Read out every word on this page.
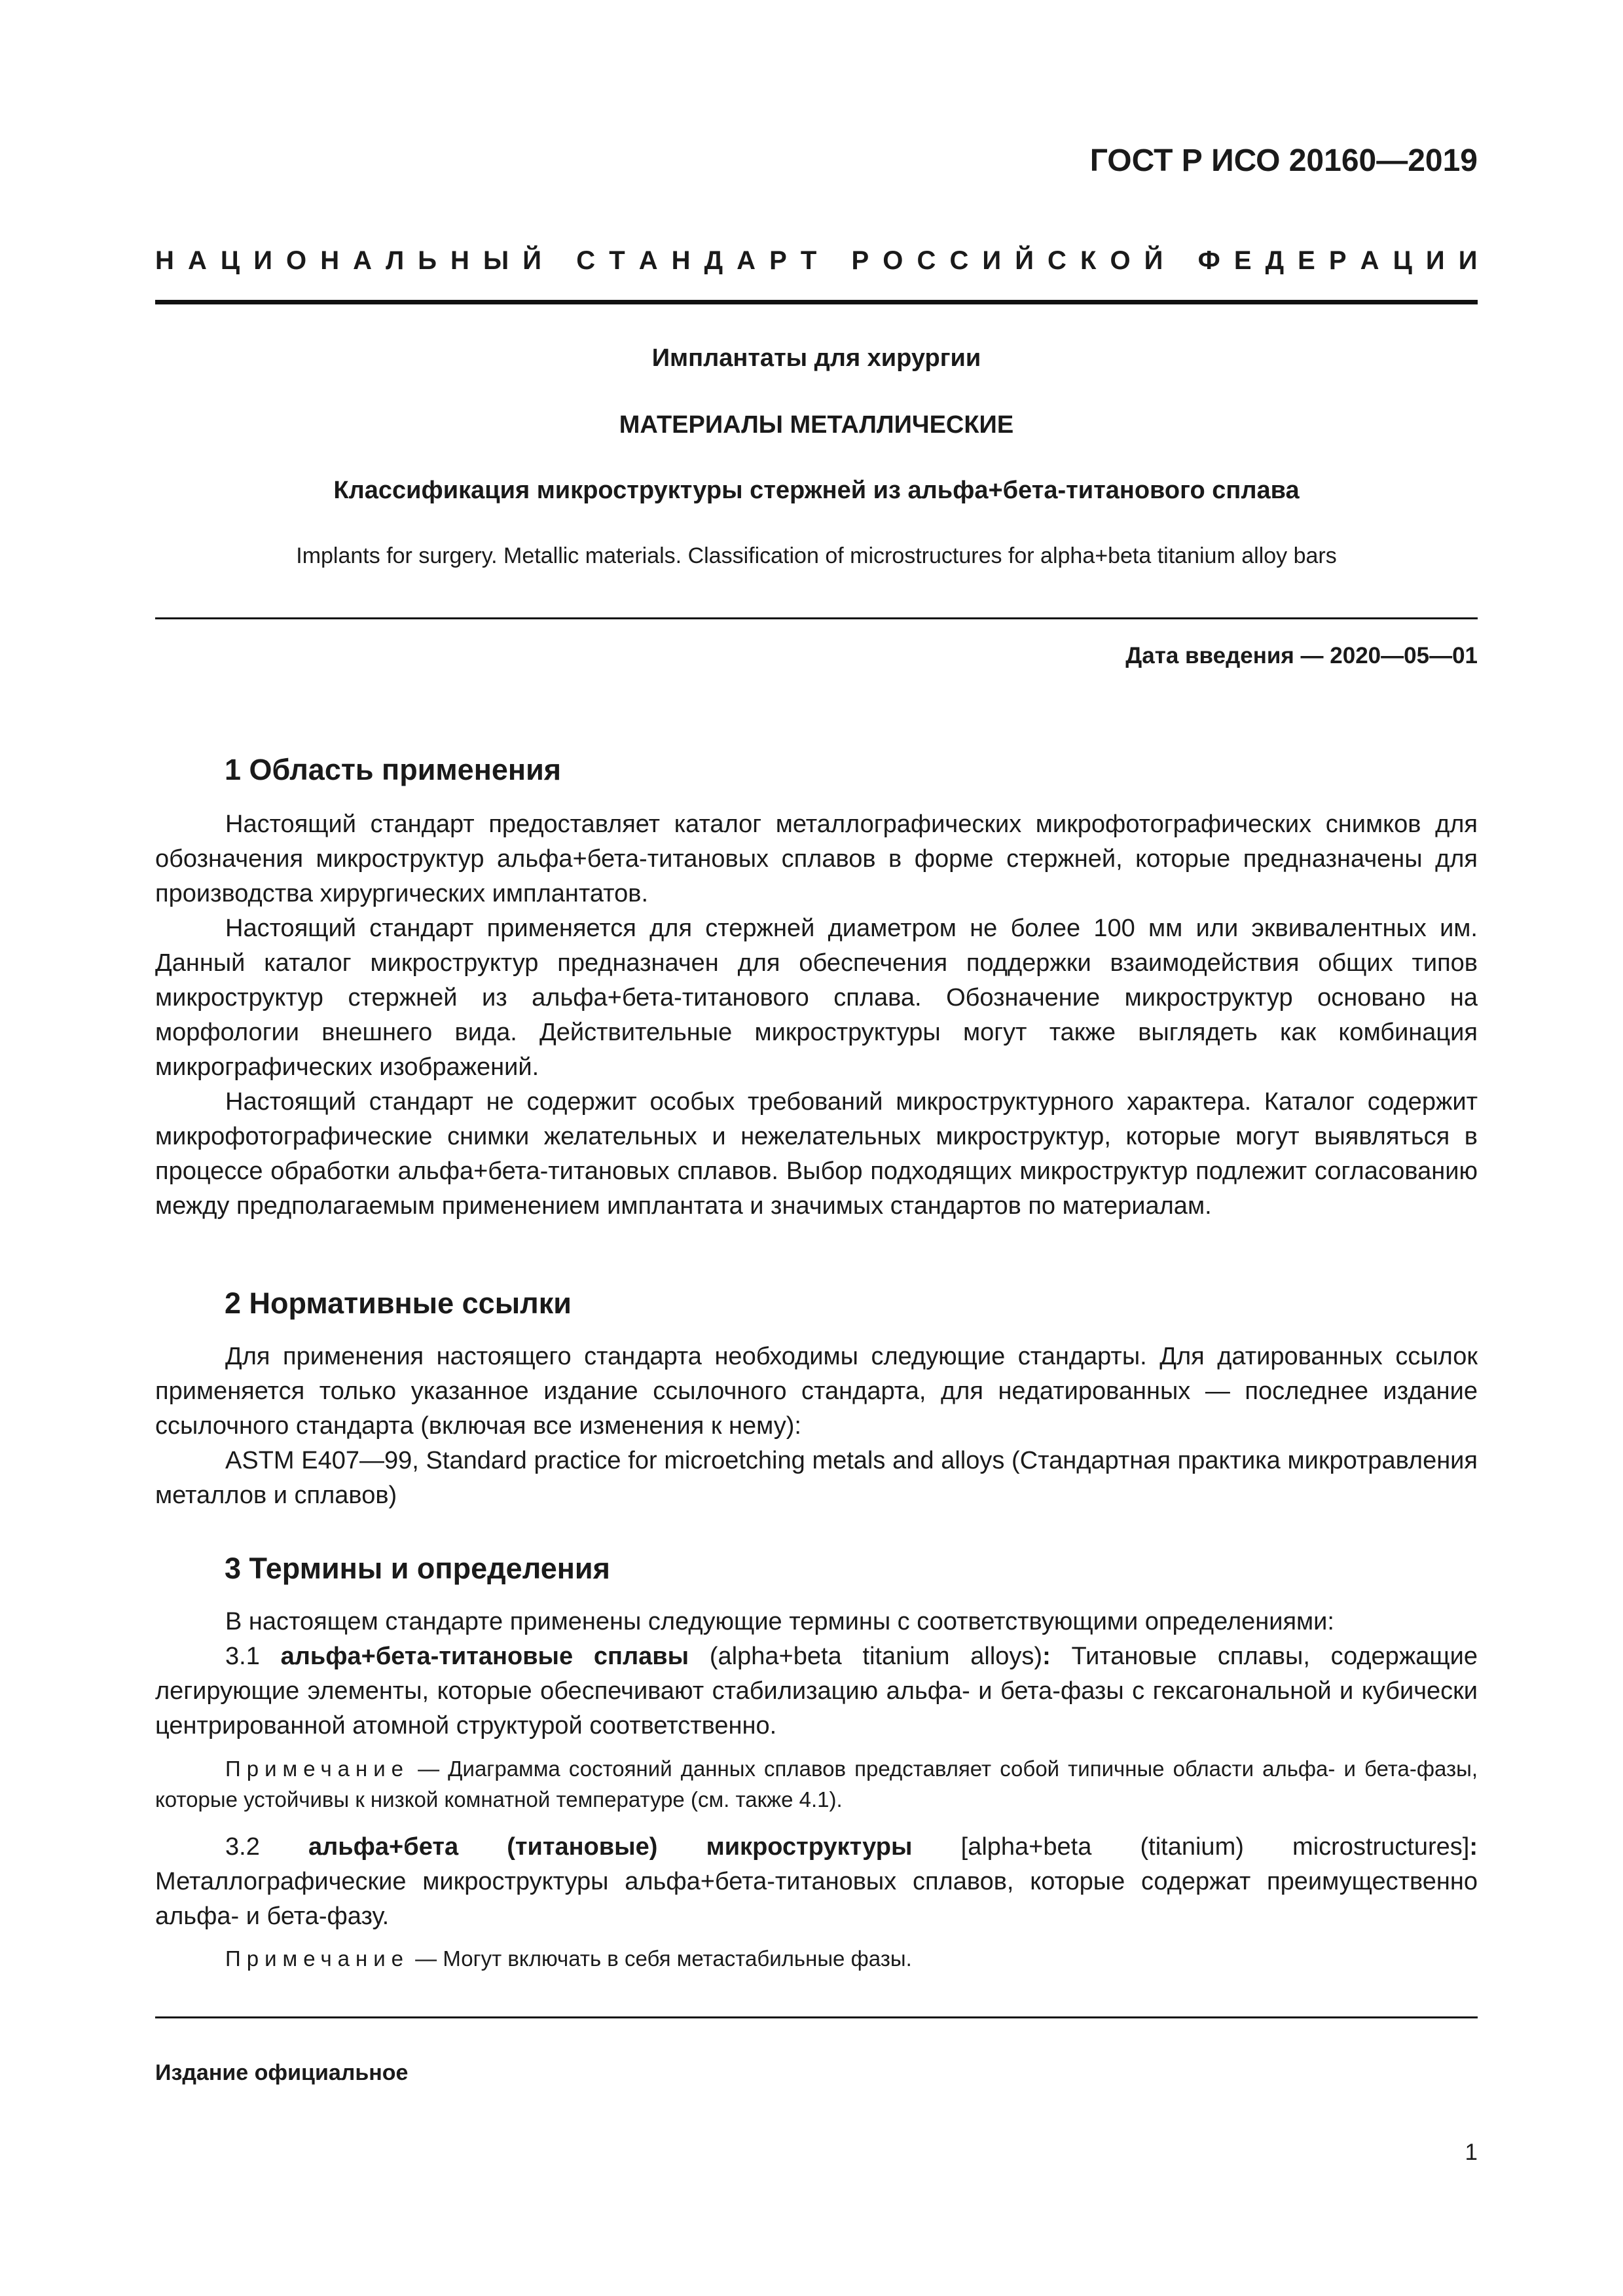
ГОСТ Р ИСО 20160—2019
Н А Ц И О Н А Л Ь Н Ы Й
С Т А Н Д А Р Т
Р О С С И Й С К О Й
Ф Е Д Е Р А Ц И И
Имплантаты для хирургии
МАТЕРИАЛЫ МЕТАЛЛИЧЕСКИЕ
Классификация микроструктуры стержней из альфа+бета-титанового сплава
Implants for surgery. Metallic materials. Classification of microstructures for alpha+beta titanium alloy bars
Дата введения — 2020—05—01
1 Область применения
Настоящий стандарт предоставляет каталог металлографических микрофотографических снимков для обозначения микроструктур альфа+бета-титановых сплавов в форме стержней, которые предназначены для производства хирургических имплантатов.
Настоящий стандарт применяется для стержней диаметром не более 100 мм или эквивалентных им. Данный каталог микроструктур предназначен для обеспечения поддержки взаимодействия общих типов микроструктур стержней из альфа+бета-титанового сплава. Обозначение микроструктур основано на морфологии внешнего вида. Действительные микроструктуры могут также выглядеть как комбинация микрографических изображений.
Настоящий стандарт не содержит особых требований микроструктурного характера. Каталог содержит микрофотографические снимки желательных и нежелательных микроструктур, которые могут выявляться в процессе обработки альфа+бета-титановых сплавов. Выбор подходящих микроструктур подлежит согласованию между предполагаемым применением имплантата и значимых стандартов по материалам.
2 Нормативные ссылки
Для применения настоящего стандарта необходимы следующие стандарты. Для датированных ссылок применяется только указанное издание ссылочного стандарта, для недатированных — последнее издание ссылочного стандарта (включая все изменения к нему):
ASTM E407—99, Standard practice for microetching metals and alloys (Стандартная практика микротравления металлов и сплавов)
3 Термины и определения
В настоящем стандарте применены следующие термины с соответствующими определениями:
3.1 альфа+бета-титановые сплавы (alpha+beta titanium alloys): Титановые сплавы, содержащие легирующие элементы, которые обеспечивают стабилизацию альфа- и бета-фазы с гексагональной и кубически центрированной атомной структурой соответственно.
Примечание — Диаграмма состояний данных сплавов представляет собой типичные области альфа- и бета-фазы, которые устойчивы к низкой комнатной температуре (см. также 4.1).
3.2 альфа+бета (титановые) микроструктуры [alpha+beta (titanium) microstructures]: Металлографические микроструктуры альфа+бета-титановых сплавов, которые содержат преимущественно альфа- и бета-фазу.
Примечание — Могут включать в себя метастабильные фазы.
Издание официальное
1
